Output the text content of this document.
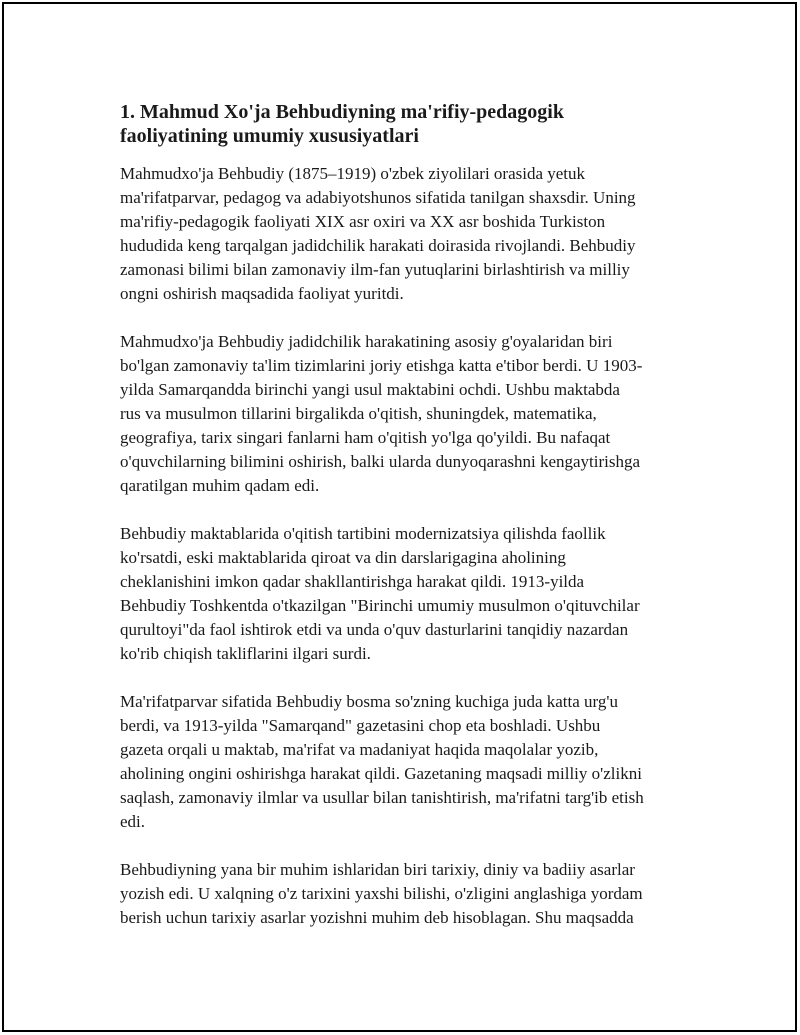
1. Mahmud Xo'ja Behbudiyning ma'rifiy-pedagogik
faoliyatining umumiy xususiyatlari

Mahmudxo'ja Behbudiy (1875–1919) o'zbek ziyolilari orasida yetuk
ma'rifatparvar, pedagog va adabiyotshunos sifatida tanilgan shaxsdir. Uning
ma'rifiy-pedagogik faoliyati XIX asr oxiri va XX asr boshida Turkiston
hududida keng tarqalgan jadidchilik harakati doirasida rivojlandi. Behbudiy
zamonasi bilimi bilan zamonaviy ilm-fan yutuqlarini birlashtirish va milliy
ongni oshirish maqsadida faoliyat yuritdi.

Mahmudxo'ja Behbudiy jadidchilik harakatining asosiy g'oyalaridan biri
bo'lgan zamonaviy ta'lim tizimlarini joriy etishga katta e'tibor berdi. U 1903-
yilda Samarqandda birinchi yangi usul maktabini ochdi. Ushbu maktabda
rus va musulmon tillarini birgalikda o'qitish, shuningdek, matematika,
geografiya, tarix singari fanlarni ham o'qitish yo'lga qo'yildi. Bu nafaqat
o'quvchilarning bilimini oshirish, balki ularda dunyoqarashni kengaytirishga
qaratilgan muhim qadam edi.

Behbudiy maktablarida o'qitish tartibini modernizatsiya qilishda faollik
ko'rsatdi, eski maktablarida qiroat va din darslarigagina aholining
cheklanishini imkon qadar shakllantirishga harakat qildi. 1913-yilda
Behbudiy Toshkentda o'tkazilgan "Birinchi umumiy musulmon o'qituvchilar
qurultoyi"da faol ishtirok etdi va unda o'quv dasturlarini tanqidiy nazardan
ko'rib chiqish takliflarini ilgari surdi.

Ma'rifatparvar sifatida Behbudiy bosma so'zning kuchiga juda katta urg'u
berdi, va 1913-yilda "Samarqand" gazetasini chop eta boshladi. Ushbu
gazeta orqali u maktab, ma'rifat va madaniyat haqida maqolalar yozib,
aholining ongini oshirishga harakat qildi. Gazetaning maqsadi milliy o'zlikni
saqlash, zamonaviy ilmlar va usullar bilan tanishtirish, ma'rifatni targ'ib etish
edi.

Behbudiyning yana bir muhim ishlaridan biri tarixiy, diniy va badiiy asarlar
yozish edi. U xalqning o'z tarixini yaxshi bilishi, o'zligini anglashiga yordam
berish uchun tarixiy asarlar yozishni muhim deb hisoblagan. Shu maqsadda
